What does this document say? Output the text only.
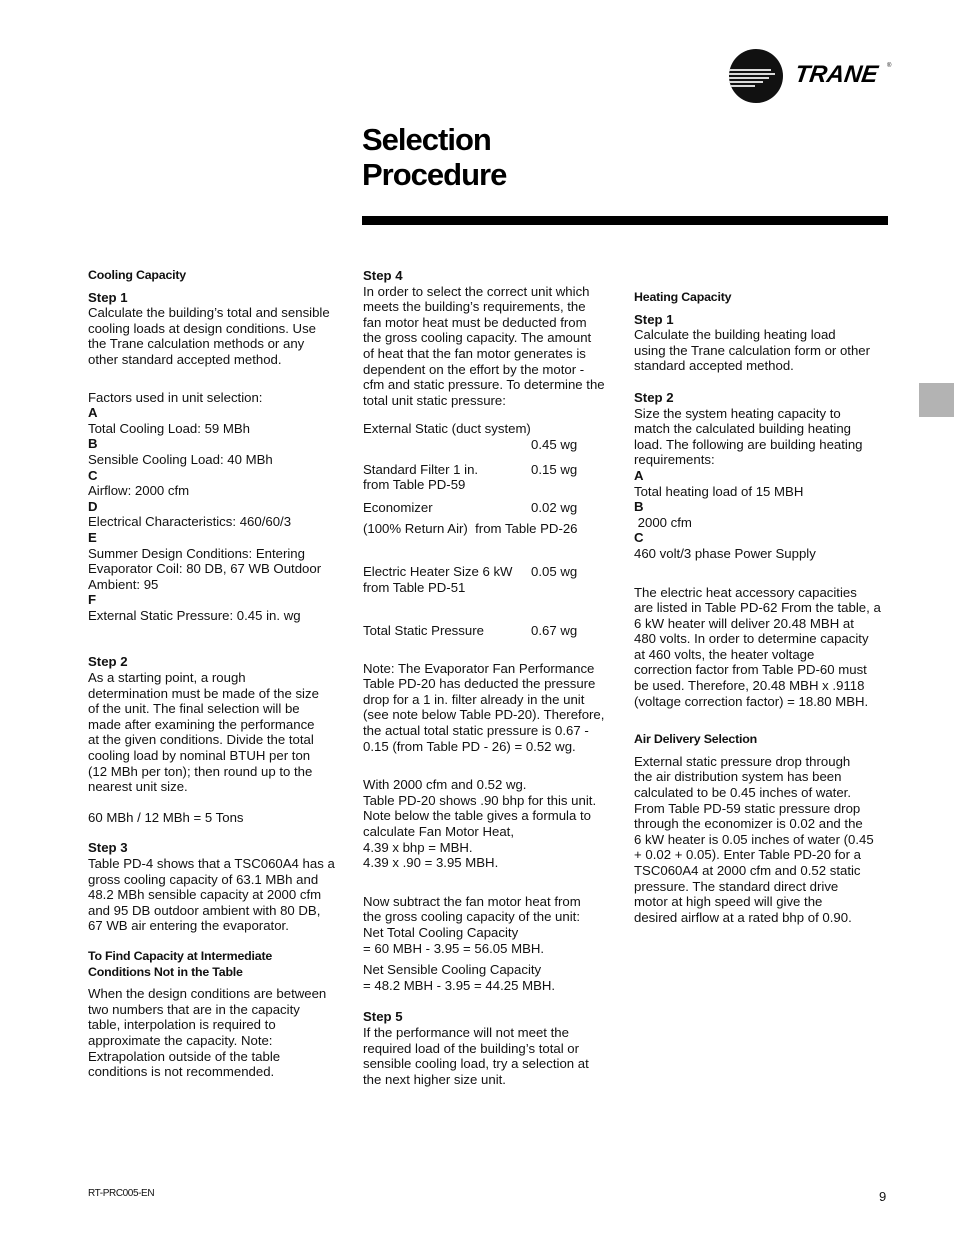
TRANE ®
Selection
Procedure

Cooling Capacity

Step 1

Calculate the building’s total and sensible

cooling loads at design conditions. Use

the Trane calculation methods or any

other standard accepted method.

Factors used in unit selection:

A

Total Cooling Load: 59 MBh

B

Sensible Cooling Load: 40 MBh

C

Airflow: 2000 cfm

D

Electrical Characteristics: 460/60/3

E

Summer Design Conditions: Entering

Evaporator Coil: 80 DB, 67 WB Outdoor

Ambient: 95

F

External Static Pressure: 0.45 in. wg

Step 2

As a starting point, a rough

determination must be made of the size

of the unit. The final selection will be

made after examining the performance

at the given conditions. Divide the total

cooling load by nominal BTUH per ton

(12 MBh per ton); then round up to the

nearest unit size.

60 MBh / 12 MBh = 5 Tons

Step 3

Table PD-4 shows that a TSC060A4 has a

gross cooling capacity of 63.1 MBh and

48.2 MBh sensible capacity at 2000 cfm

and 95 DB outdoor ambient with 80 DB,

67 WB air entering the evaporator.

To Find Capacity at Intermediate

Conditions Not in the Table

When the design conditions are between

two numbers that are in the capacity

table, interpolation is required to

approximate the capacity. Note:

Extrapolation outside of the table

conditions is not recommended.

Step 4

In order to select the correct unit which

meets the building’s requirements, the

fan motor heat must be deducted from

the gross cooling capacity. The amount

of heat that the fan motor generates is

dependent on the effort by the motor -

cfm and static pressure. To determine the

total unit static pressure:

External Static (duct system)

0.45 wg
Standard Filter 1 in.	0.15 wg

from Table PD-59

Economizer	0.02 wg

(100% Return Air)  from Table PD-26

Electric Heater Size 6 kW	0.05 wg

from Table PD-51

Total Static Pressure	0.67 wg

Note: The Evaporator Fan Performance

Table PD-20 has deducted the pressure

drop for a 1 in. filter already in the unit

(see note below Table PD-20). Therefore,

the actual total static pressure is 0.67 -

0.15 (from Table PD - 26) = 0.52 wg.

With 2000 cfm and 0.52 wg.

Table PD-20 shows .90 bhp for this unit.

Note below the table gives a formula to

calculate Fan Motor Heat,

4.39 x bhp = MBH.

4.39 x .90 = 3.95 MBH.

Now subtract the fan motor heat from

the gross cooling capacity of the unit:

Net Total Cooling Capacity

= 60 MBH - 3.95 = 56.05 MBH.

Net Sensible Cooling Capacity

= 48.2 MBH - 3.95 = 44.25 MBH.

Step 5

If the performance will not meet the

required load of the building’s total or

sensible cooling load, try a selection at

the next higher size unit.

Heating Capacity

Step 1

Calculate the building heating load

using the Trane calculation form or other

standard accepted method.

Step 2

Size the system heating capacity to

match the calculated building heating

load. The following are building heating

requirements:

A

Total heating load of 15 MBH

B

2000 cfm

C

460 volt/3 phase Power Supply

The electric heat accessory capacities

are listed in Table PD-62 From the table, a

6 kW heater will deliver 20.48 MBH at

480 volts. In order to determine capacity

at 460 volts, the heater voltage

correction factor from Table PD-60 must

be used. Therefore, 20.48 MBH x .9118

(voltage correction factor) = 18.80 MBH.

Air Delivery Selection

External static pressure drop through

the air distribution system has been

calculated to be 0.45 inches of water.

From Table PD-59 static pressure drop

through the economizer is 0.02 and the

6 kW heater is 0.05 inches of water (0.45

+ 0.02 + 0.05). Enter Table PD-20 for a

TSC060A4 at 2000 cfm and 0.52 static

pressure. The standard direct drive

motor at high speed will give the

desired airflow at a rated bhp of 0.90.

RT-PRC005-EN	9
